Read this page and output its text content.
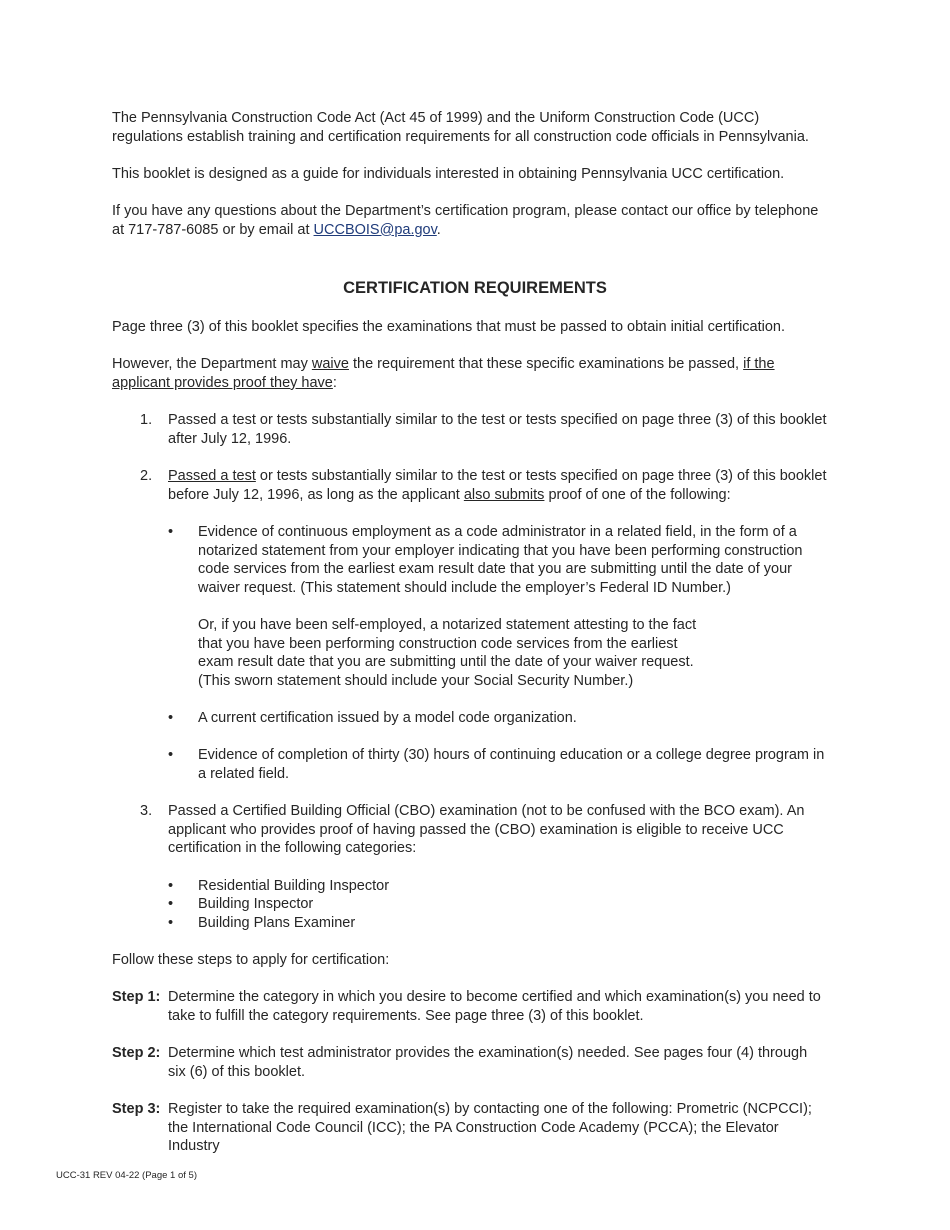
The Pennsylvania Construction Code Act (Act 45 of 1999) and the Uniform Construction Code (UCC) regulations establish training and certification requirements for all construction code officials in Pennsylvania.

This booklet is designed as a guide for individuals interested in obtaining Pennsylvania UCC certification.

If you have any questions about the Department’s certification program, please contact our office by telephone at 717-787-6085 or by email at UCCBOIS@pa.gov.

CERTIFICATION REQUIREMENTS

Page three (3) of this booklet specifies the examinations that must be passed to obtain initial certification.

However, the Department may waive the requirement that these specific examinations be passed, if the applicant provides proof they have:

1. Passed a test or tests substantially similar to the test or tests specified on page three (3) of this booklet after July 12, 1996.

2. Passed a test or tests substantially similar to the test or tests specified on page three (3) of this booklet before July 12, 1996, as long as the applicant also submits proof of one of the following:

• Evidence of continuous employment as a code administrator in a related field, in the form of a notarized statement from your employer indicating that you have been performing construction code services from the earliest exam result date that you are submitting until the date of your waiver request. (This statement should include the employer’s Federal ID Number.)

Or, if you have been self-employed, a notarized statement attesting to the fact
that you have been performing construction code services from the earliest
exam result date that you are submitting until the date of your waiver request.
(This sworn statement should include your Social Security Number.)

• A current certification issued by a model code organization.

• Evidence of completion of thirty (30) hours of continuing education or a college degree program in a related field.

3. Passed a Certified Building Official (CBO) examination (not to be confused with the BCO exam). An applicant who provides proof of having passed the (CBO) examination is eligible to receive UCC certification in the following categories:

• Residential Building Inspector

• Building Inspector

• Building Plans Examiner

Follow these steps to apply for certification:

Step 1: Determine the category in which you desire to become certified and which examination(s) you need to take to fulfill the category requirements. See page three (3) of this booklet.

Step 2: Determine which test administrator provides the examination(s) needed. See pages four (4) through six (6) of this booklet.

Step 3: Register to take the required examination(s) by contacting one of the following: Prometric (NCPCCI); the International Code Council (ICC); the PA Construction Code Academy (PCCA); the Elevator Industry

UCC-31 REV 04-22 (Page 1 of 5)
